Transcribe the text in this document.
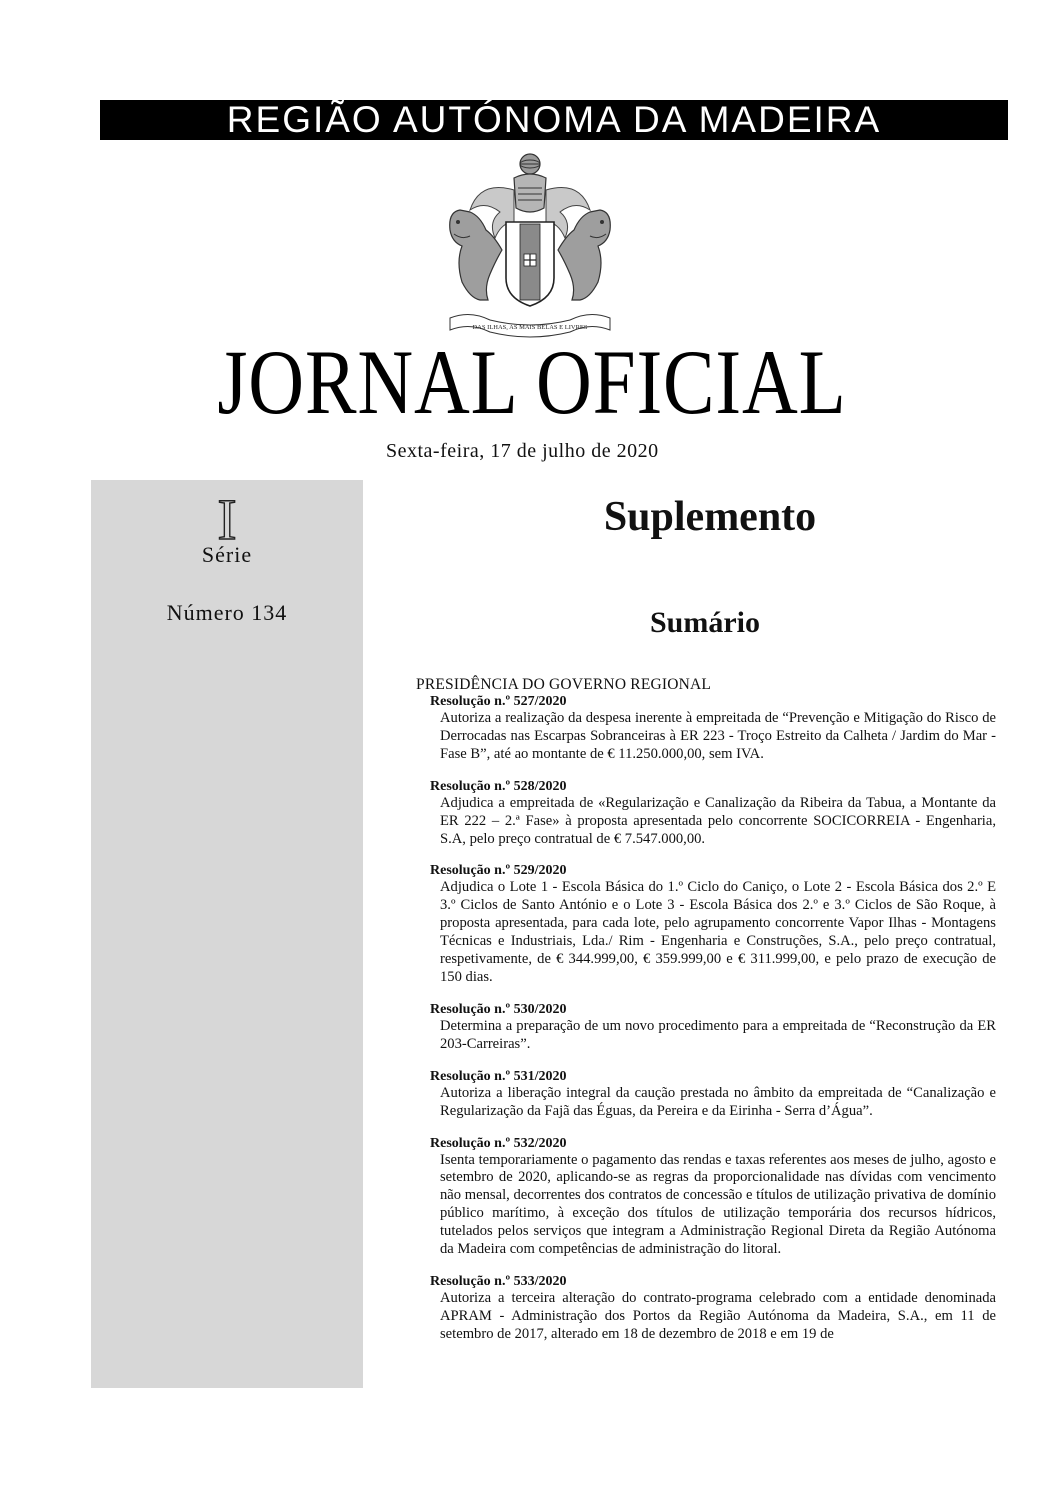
REGIÃO AUTÓNOMA DA MADEIRA
DAS ILHAS, AS MAIS BELAS E LIVRES
JORNAL OFICIAL
Sexta-feira, 17 de julho de 2020
I
Série
Número 134
Suplemento
Sumário
PRESIDÊNCIA DO GOVERNO REGIONAL
Resolução n.º 527/2020
Autoriza a realização da despesa inerente à empreitada de “Prevenção e Mitigação do Risco de Derrocadas nas Escarpas Sobranceiras à ER 223 - Troço Estreito da Calheta / Jardim do Mar - Fase B”, até ao montante de € 11.250.000,00, sem IVA.
Resolução n.º 528/2020
Adjudica a empreitada de «Regularização e Canalização da Ribeira da Tabua, a Montante da ER 222 – 2.ª Fase» à proposta apresentada pelo concorrente SOCICORREIA - Engenharia, S.A, pelo preço contratual de € 7.547.000,00.
Resolução n.º 529/2020
Adjudica o Lote 1 - Escola Básica do 1.º Ciclo do Caniço, o Lote 2 - Escola Básica dos 2.º E 3.º Ciclos de Santo António e o Lote 3 - Escola Básica dos 2.º e 3.º Ciclos de São Roque, à proposta apresentada, para cada lote, pelo agrupamento concorrente Vapor Ilhas - Montagens Técnicas e Industriais, Lda./ Rim - Engenharia e Construções, S.A., pelo preço contratual, respetivamente, de € 344.999,00, € 359.999,00 e € 311.999,00, e pelo prazo de execução de 150 dias.
Resolução n.º 530/2020
Determina a preparação de um novo procedimento para a empreitada de “Reconstrução da ER 203-Carreiras”.
Resolução n.º 531/2020
Autoriza a liberação integral da caução prestada no âmbito da empreitada de “Canalização e Regularização da Fajã das Éguas, da Pereira e da Eirinha - Serra d’Água”.
Resolução n.º 532/2020
Isenta temporariamente o pagamento das rendas e taxas referentes aos meses de julho, agosto e setembro de 2020, aplicando-se as regras da proporcionalidade nas dívidas com vencimento não mensal, decorrentes dos contratos de concessão e títulos de utilização privativa de domínio público marítimo, à exceção dos títulos de utilização temporária dos recursos hídricos, tutelados pelos serviços que integram a Administração Regional Direta da Região Autónoma da Madeira com competências de administração do litoral.
Resolução n.º 533/2020
Autoriza a terceira alteração do contrato-programa celebrado com a entidade denominada APRAM - Administração dos Portos da Região Autónoma da Madeira, S.A., em 11 de setembro de 2017, alterado em 18 de dezembro de 2018 e em 19 de
